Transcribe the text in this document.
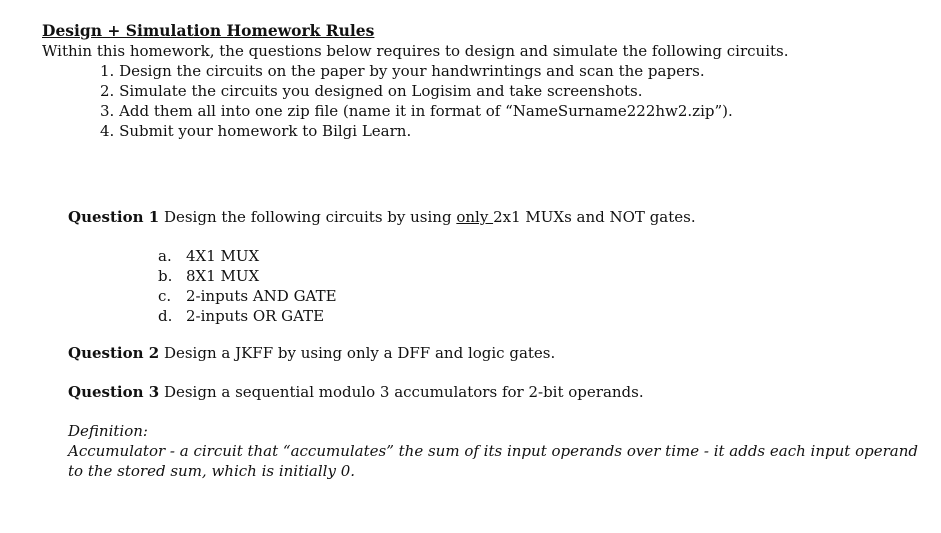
Design + Simulation Homework Rules
Within this homework, the questions below requires to design and simulate the following circuits.
1. Design the circuits on the paper by your handwrintings and scan the papers.
2. Simulate the circuits you designed on Logisim and take screenshots.
3. Add them all into one zip file (name it in format of “NameSurname222hw2.zip”).
4. Submit your homework to Bilgi Learn.
Question 1 Design the following circuits by using only 2x1 MUXs and NOT gates.
a. 4X1 MUX
b. 8X1 MUX
c. 2-inputs AND GATE
d. 2-inputs OR GATE
Question 2 Design a JKFF by using only a DFF and logic gates.
Question 3 Design a sequential modulo 3 accumulators for 2-bit operands.
Definition:
Accumulator - a circuit that “accumulates” the sum of its input operands over time - it adds each input operand to the stored sum, which is initially 0.
